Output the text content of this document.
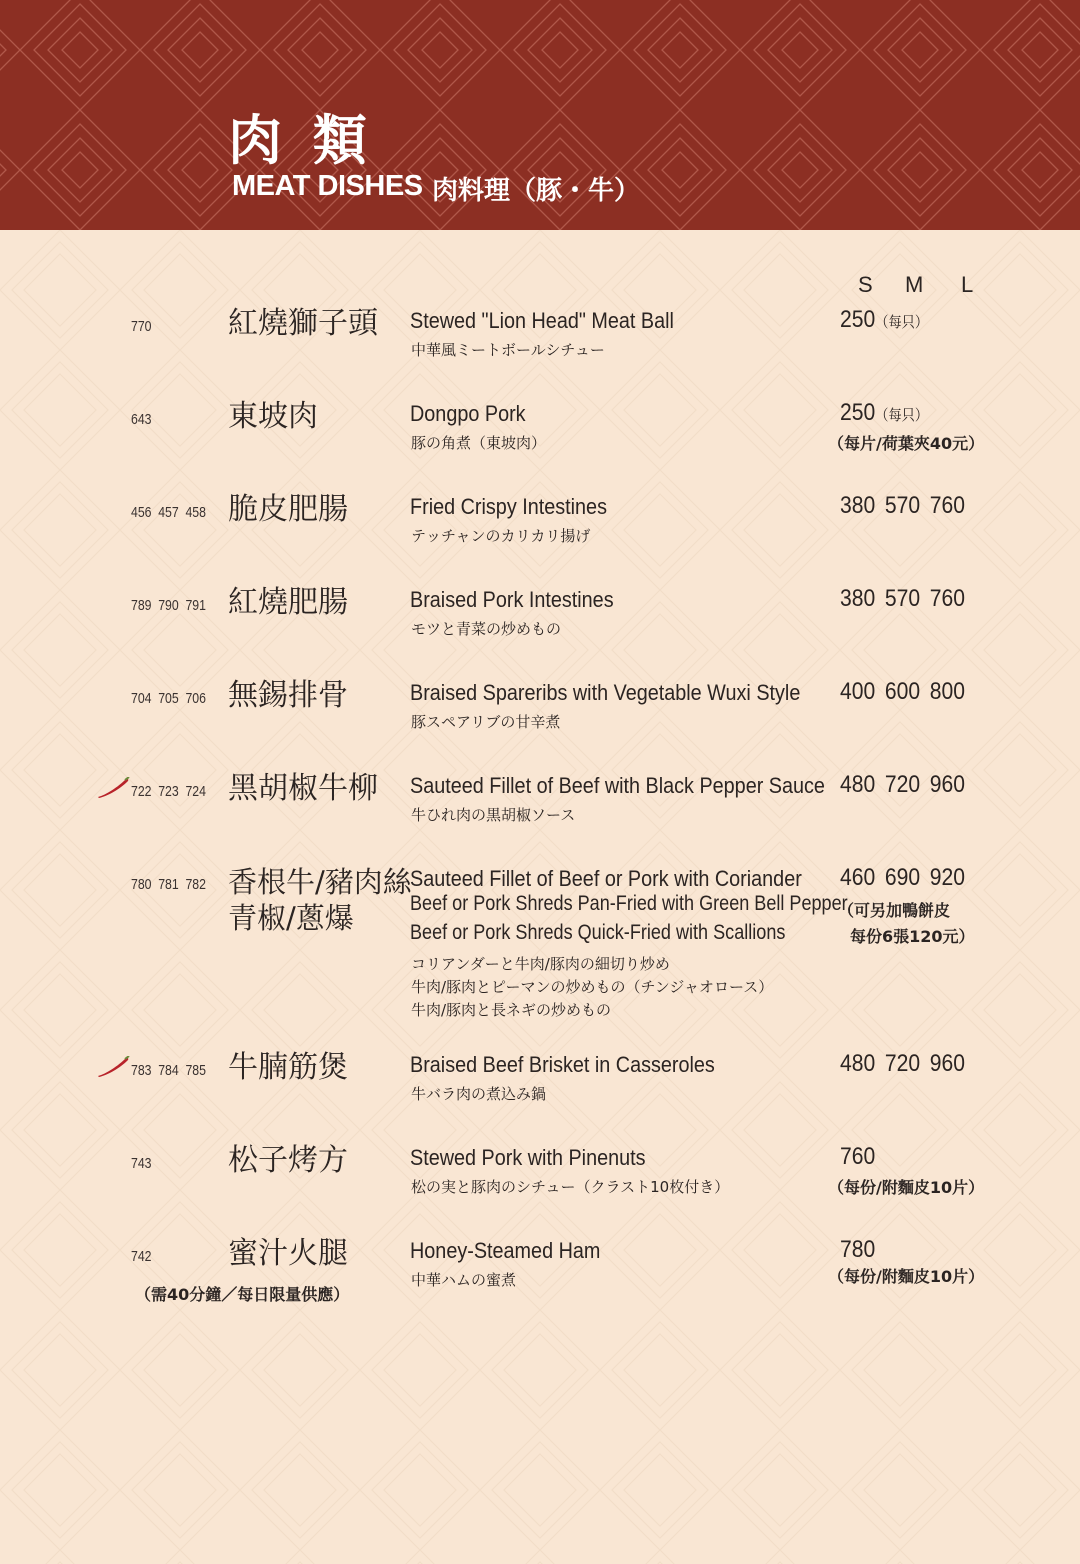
肉 類
MEAT DISHES 肉料理（豚・牛）
S M L
770	紅燒獅子頭 Stewed "Lion Head" Meat Ball
中華風ミートボールシチュー
250（每只）
643	東坡肉	Dongpo Pork
豚の角煮（東坡肉）
250（每只）
（每片/荷葉夾40元）
456 457 458 脆皮肥腸	Fried Crispy Intestines
テッチャンのカリカリ揚げ
380 570 760
789 790 791 紅燒肥腸	Braised Pork Intestines
モツと青菜の炒めもの
380 570 760
704 705 706 無錫排骨	Braised Spareribs with Vegetable Wuxi Style
豚スペアリブの甘辛煮
400 600 800
722 723 724 黑胡椒牛柳 Sauteed Fillet of Beef with Black Pepper Sauce
牛ひれ肉の黒胡椒ソース
480 720 960
780 781 782 香根牛/豬肉絲
青椒/蔥爆
Sauteed Fillet of Beef or Pork with Coriander
Beef or Pork Shreds Pan-Fried with Green Bell Pepper,
Beef or Pork Shreds Quick-Fried with Scallions
コリアンダーと牛肉/豚肉の細切り炒め
牛肉/豚肉とピーマンの炒めもの（チンジャオロース）
牛肉/豚肉と長ネギの炒めもの
460 690 920
（可另加鴨餅皮
每份6張120元）
783 784 785 牛腩筋煲	Braised Beef Brisket in Casseroles
牛バラ肉の煮込み鍋
480 720 960
743	松子烤方	Stewed Pork with Pinenuts
松の実と豚肉のシチュー（クラスト10枚付き）
760
（每份/附麵皮10片）
742	蜜汁火腿
（需40分鐘／每日限量供應）
Honey-Steamed Ham
中華ハムの蜜煮
780
（每份/附麵皮10片）
